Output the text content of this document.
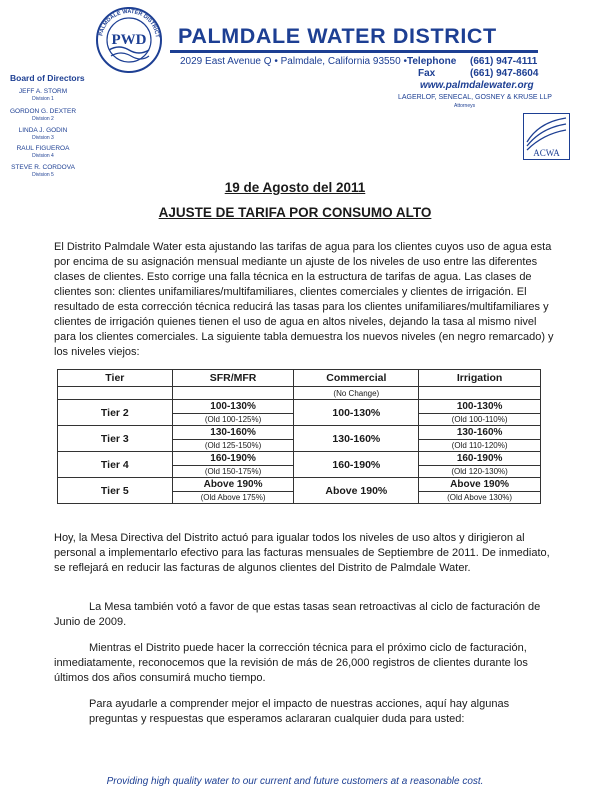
PALMDALE WATER DISTRICT
PWD PALMDALE WATER DISTRICT
2029 East Avenue Q • Palmdale, California 93550 • Telephone (661) 947-4111
Fax	(661) 947-8604
www.palmdalewater.org
LAGERLOF, SENECAL, GOSNEY & KRUSE LLP
Attorneys
Board of Directors
JEFF A. STORM
Division 1
GORDON G. DEXTER
Division 2
LINDA J. GODIN
Division 3
RAUL FIGUEROA
Division 4
STEVE R. CORDOVA
Division 5
ACWA
19 de Agosto del 2011
AJUSTE DE TARIFA POR CONSUMO ALTO
El Distrito Palmdale Water esta ajustando las tarifas de agua para los clientes cuyos uso de agua esta por encima de su asignación mensual mediante un ajuste de los niveles de uso entre las diferentes clases de clientes. Esto corrige una falla técnica en la estructura de tarifas de agua. Las clases de clientes son: clientes unifamiliares/multifamiliares, clientes comerciales y clientes de irrigación. El resultado de esta corrección técnica reducirá las tasas para los clientes unifamiliares/multifamiliares y clientes de irrigación quienes tienen el uso de agua en altos niveles, dejando la tasa al mismo nivel para los clientes comerciales. La siguiente tabla demuestra los nuevos niveles (en negro remarcado) y los niveles viejos:
Tier	SFR/MFR	Commercial	Irrigation
		(No Change)	
Tier 2	100-130%	100-130%	100-130%
	(Old 100-125%)		(Old 100-110%)
Tier 3	130-160%	130-160%	130-160%
	(Old 125-150%)		(Old 110-120%)
Tier 4	160-190%	160-190%	160-190%
	(Old 150-175%)		(Old 120-130%)
Tier 5	Above 190%	Above 190%	Above 190%
	(Old Above 175%)		(Old Above 130%)
Hoy, la Mesa Directiva del Distrito actuó para igualar todos los niveles de uso altos y dirigieron al personal a implementarlo efectivo para las facturas mensuales de Septiembre de 2011. De inmediato, se reflejará en reducir las facturas de algunos clientes del Distrito de Palmdale Water.
La Mesa también votó a favor de que estas tasas sean retroactivas al ciclo de facturación de Junio de 2009.
Mientras el Distrito puede hacer la corrección técnica para el próximo ciclo de facturación, inmediatamente, reconocemos que la revisión de más de 26,000 registros de clientes durante los últimos dos años consumirá mucho tiempo.
Para ayudarle a comprender mejor el impacto de nuestras acciones, aquí hay algunas preguntas y respuestas que esperamos aclararan cualquier duda para usted:
Providing high quality water to our current and future customers at a reasonable cost.
